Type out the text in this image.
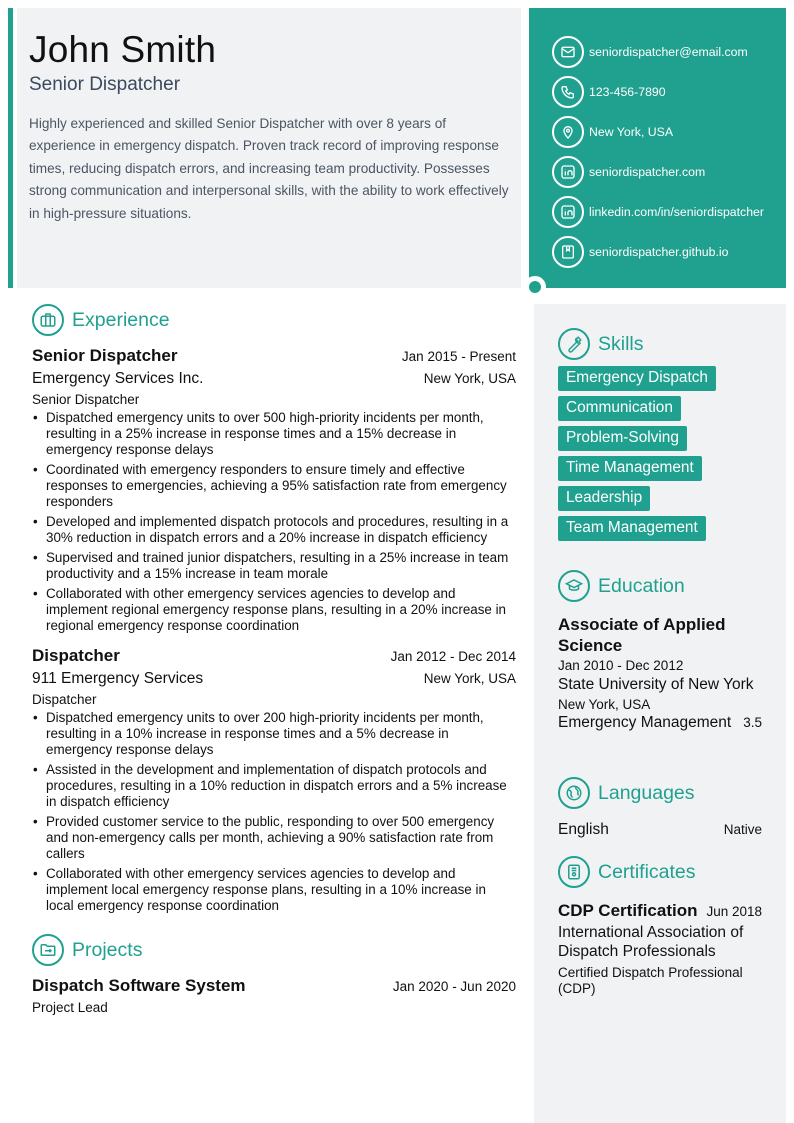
John Smith
Senior Dispatcher
Highly experienced and skilled Senior Dispatcher with over 8 years of experience in emergency dispatch. Proven track record of improving response times, reducing dispatch errors, and increasing team productivity. Possesses strong communication and interpersonal skills, with the ability to work effectively in high-pressure situations.
seniordispatcher@email.com
123-456-7890
New York, USA
seniordispatcher.com
linkedin.com/in/seniordispatcher
seniordispatcher.github.io
Experience
Senior Dispatcher	Jan 2015 - Present
Emergency Services Inc.	New York, USA
Senior Dispatcher
• Dispatched emergency units to over 500 high-priority incidents per month, resulting in a 25% increase in response times and a 15% decrease in emergency response delays
• Coordinated with emergency responders to ensure timely and effective responses to emergencies, achieving a 95% satisfaction rate from emergency responders
• Developed and implemented dispatch protocols and procedures, resulting in a 30% reduction in dispatch errors and a 20% increase in dispatch efficiency
• Supervised and trained junior dispatchers, resulting in a 25% increase in team productivity and a 15% increase in team morale
• Collaborated with other emergency services agencies to develop and implement regional emergency response plans, resulting in a 20% increase in regional emergency response coordination
Dispatcher	Jan 2012 - Dec 2014
911 Emergency Services	New York, USA
Dispatcher
• Dispatched emergency units to over 200 high-priority incidents per month, resulting in a 10% increase in response times and a 5% decrease in emergency response delays
• Assisted in the development and implementation of dispatch protocols and procedures, resulting in a 10% reduction in dispatch errors and a 5% increase in dispatch efficiency
• Provided customer service to the public, responding to over 500 emergency and non-emergency calls per month, achieving a 90% satisfaction rate from callers
• Collaborated with other emergency services agencies to develop and implement local emergency response plans, resulting in a 10% increase in local emergency response coordination
Projects
Dispatch Software System	Jan 2020 - Jun 2020
Project Lead
Skills
Emergency Dispatch
Communication
Problem-Solving
Time Management
Leadership
Team Management
Education
Associate of Applied Science
Jan 2010 - Dec 2012
State University of New York
New York, USA
Emergency Management 3.5
Languages
English	Native
Certificates
CDP Certification Jun 2018
International Association of Dispatch Professionals
Certified Dispatch Professional (CDP)
